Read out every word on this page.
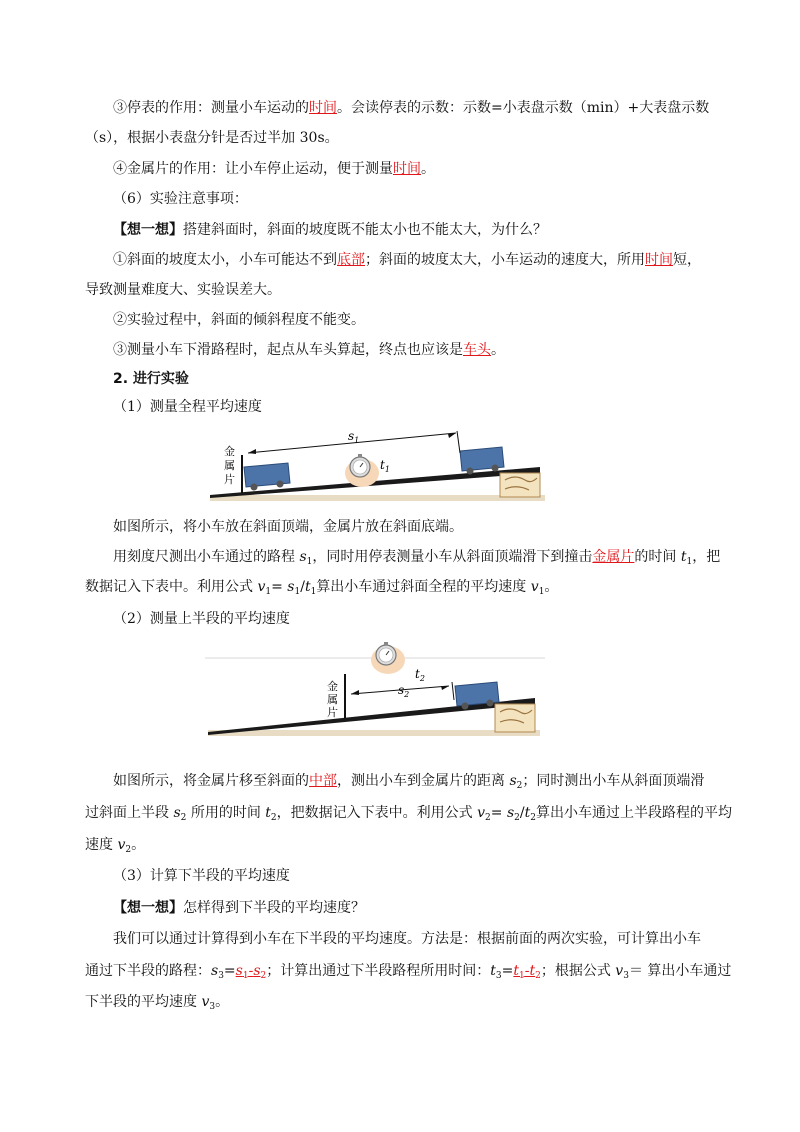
③停表的作用：测量小车运动的时间。会读停表的示数：示数=小表盘示数（min）+大表盘示数
（s），根据小表盘分针是否过半加 30s。
④金属片的作用：让小车停止运动，便于测量时间。
（6）实验注意事项：
【想一想】搭建斜面时，斜面的坡度既不能太小也不能太大，为什么？
①斜面的坡度太小，小车可能达不到底部；斜面的坡度太大，小车运动的速度大，所用时间短，
导致测量难度大、实验误差大。
②实验过程中，斜面的倾斜程度不能变。
③测量小车下滑路程时，起点从车头算起，终点也应该是车头。
2. 进行实验
（1）测量全程平均速度
$s_1$
$t_1$
金
属
片
如图所示，将小车放在斜面顶端，金属片放在斜面底端。
用刻度尺测出小车通过的路程 $s_1$，同时用停表测量小车从斜面顶端滑下到撞击金属片的时间 $t_1$，把
数据记入下表中。利用公式 $v_1= s_1/t_1$算出小车通过斜面全程的平均速度 $v_1$。
（2）测量上半段的平均速度
$t_2$
$s_2$
金
属
片
如图所示，将金属片移至斜面的中部，测出小车到金属片的距离 $s_2$；同时测出小车从斜面顶端滑
过斜面上半段 $s_2$ 所用的时间 $t_2$，把数据记入下表中。利用公式 $v_2= s_2/t_2$算出小车通过上半段路程的平均
速度 $v_2$。
（3）计算下半段的平均速度
【想一想】怎样得到下半段的平均速度？
我们可以通过计算得到小车在下半段的平均速度。方法是：根据前面的两次实验，可计算出小车
通过下半段的路程：$s_3=s_1-s_2$；计算出通过下半段路程所用时间：$t_3=t_1-t_2$；根据公式 $v_3=$ 算出小车通过
下半段的平均速度 $v_3$。
